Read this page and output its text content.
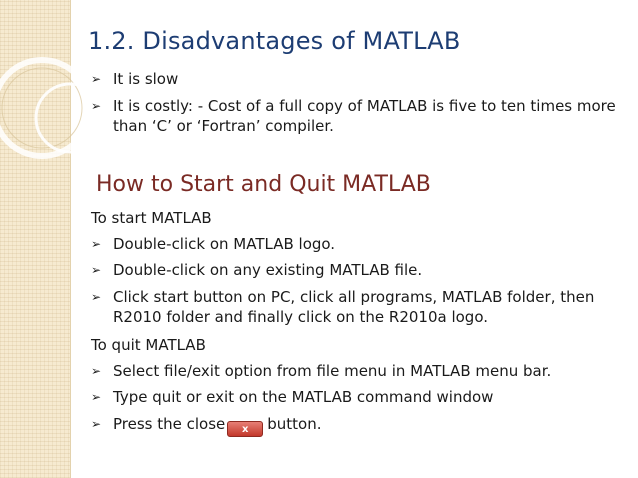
1.2. Disadvantages of MATLAB
➢ It is slow

➢ It is costly: - Cost of a full copy of MATLAB is five to ten times more

than ‘C’ or ‘Fortran’ compiler.

How to Start and Quit MATLAB

To start MATLAB

➢ Double-click on MATLAB logo.

➢ Double-click on any existing MATLAB file.

➢ Click start button on PC, click all programs, MATLAB folder, then

R2010 folder and finally click on the R2010a logo.

To quit MATLAB

➢ Select file/exit option from file menu in MATLAB menu bar.

➢ Type quit or exit on the MATLAB command window

➢ Press the close x button.
